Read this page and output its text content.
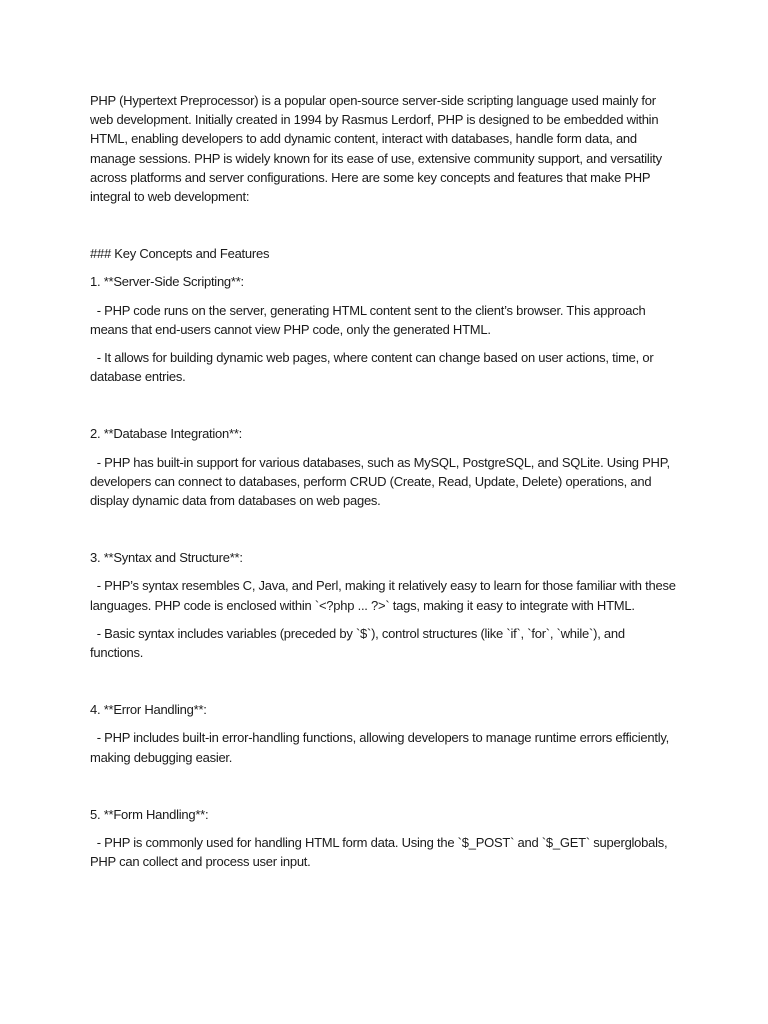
PHP (Hypertext Preprocessor) is a popular open-source server-side scripting language used mainly for web development. Initially created in 1994 by Rasmus Lerdorf, PHP is designed to be embedded within HTML, enabling developers to add dynamic content, interact with databases, handle form data, and manage sessions. PHP is widely known for its ease of use, extensive community support, and versatility across platforms and server configurations. Here are some key concepts and features that make PHP integral to web development:

### Key Concepts and Features

1. **Server-Side Scripting**:

- PHP code runs on the server, generating HTML content sent to the client’s browser. This approach means that end-users cannot view PHP code, only the generated HTML.

- It allows for building dynamic web pages, where content can change based on user actions, time, or database entries.

2. **Database Integration**:

- PHP has built-in support for various databases, such as MySQL, PostgreSQL, and SQLite. Using PHP, developers can connect to databases, perform CRUD (Create, Read, Update, Delete) operations, and display dynamic data from databases on web pages.

3. **Syntax and Structure**:

- PHP’s syntax resembles C, Java, and Perl, making it relatively easy to learn for those familiar with these languages. PHP code is enclosed within `<?php ... ?>` tags, making it easy to integrate with HTML.

- Basic syntax includes variables (preceded by `$`), control structures (like `if`, `for`, `while`), and functions.

4. **Error Handling**:

- PHP includes built-in error-handling functions, allowing developers to manage runtime errors efficiently, making debugging easier.

5. **Form Handling**:

- PHP is commonly used for handling HTML form data. Using the `$_POST` and `$_GET` superglobals, PHP can collect and process user input.
